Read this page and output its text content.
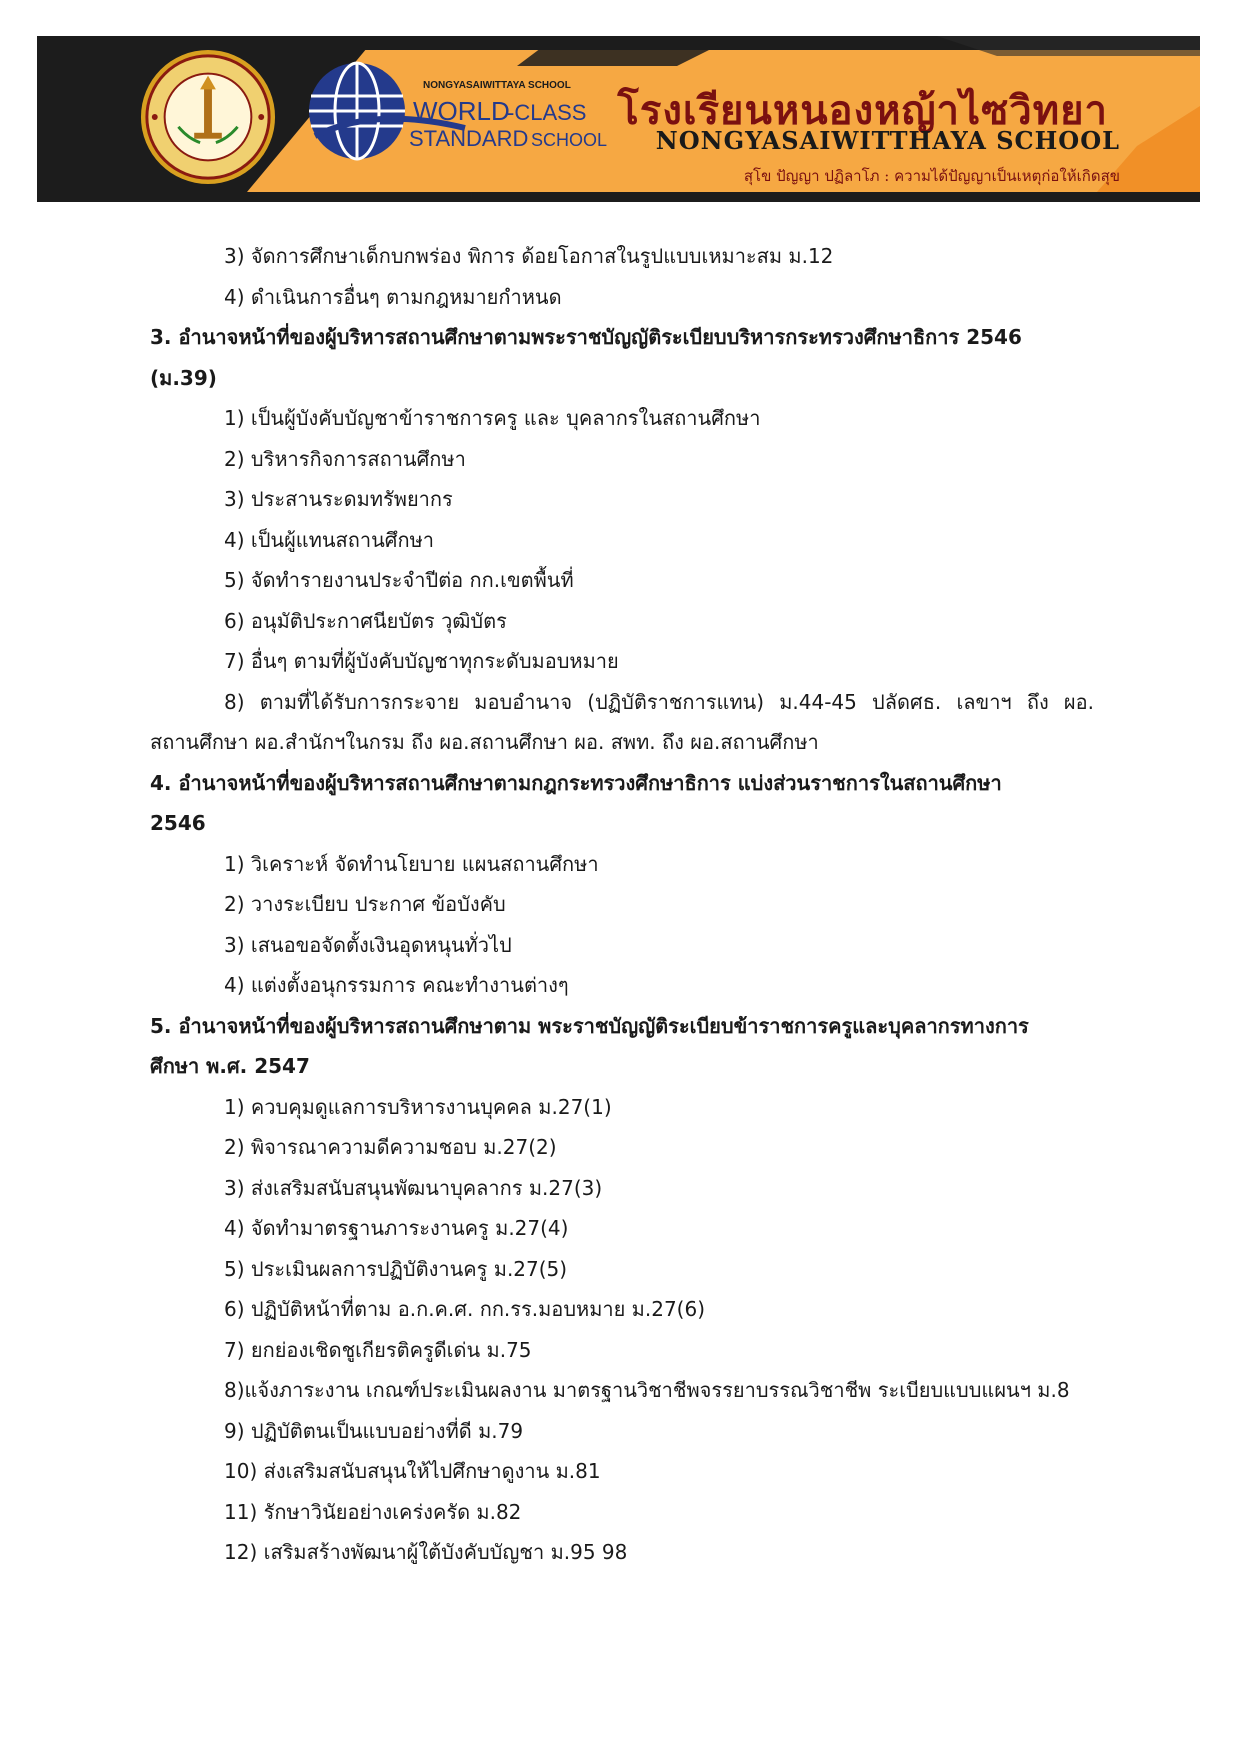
NONGYASAIWITTAYA SCHOOL
WORLD
-CLASS
STANDARD SCHOOL
โรงเรียนหนองหญ้าไซวิทยา
NONGYASAIWITTHAYA SCHOOL
สุโข ปัญญา ปฏิลาโภ : ความได้ปัญญาเป็นเหตุก่อให้เกิดสุข
3) จัดการศึกษาเด็กบกพร่อง พิการ ด้อยโอกาสในรูปแบบเหมาะสม ม.12
4) ดำเนินการอื่นๆ ตามกฎหมายกำหนด
3. อำนาจหน้าที่ของผู้บริหารสถานศึกษาตามพระราชบัญญัติระเบียบบริหารกระทรวงศึกษาธิการ 2546
(ม.39)
1) เป็นผู้บังคับบัญชาข้าราชการครู และ บุคลากรในสถานศึกษา
2) บริหารกิจการสถานศึกษา
3) ประสานระดมทรัพยากร
4) เป็นผู้แทนสถานศึกษา
5) จัดทำรายงานประจำปีต่อ กก.เขตพื้นที่
6) อนุมัติประกาศนียบัตร วุฒิบัตร
7) อื่นๆ ตามที่ผู้บังคับบัญชาทุกระดับมอบหมาย
8) ตามที่ได้รับการกระจาย มอบอำนาจ (ปฏิบัติราชการแทน) ม.44-45 ปลัดศธ. เลขาฯ ถึง ผอ.
สถานศึกษา ผอ.สำนักฯในกรม ถึง ผอ.สถานศึกษา ผอ. สพท. ถึง ผอ.สถานศึกษา
4. อำนาจหน้าที่ของผู้บริหารสถานศึกษาตามกฎกระทรวงศึกษาธิการ แบ่งส่วนราชการในสถานศึกษา
2546
1) วิเคราะห์ จัดทำนโยบาย แผนสถานศึกษา
2) วางระเบียบ ประกาศ ข้อบังคับ
3) เสนอขอจัดตั้งเงินอุดหนุนทั่วไป
4) แต่งตั้งอนุกรรมการ คณะทำงานต่างๆ
5. อำนาจหน้าที่ของผู้บริหารสถานศึกษาตาม พระราชบัญญัติระเบียบข้าราชการครูและบุคลากรทางการ
ศึกษา พ.ศ. 2547
1) ควบคุมดูแลการบริหารงานบุคคล ม.27(1)
2) พิจารณาความดีความชอบ ม.27(2)
3) ส่งเสริมสนับสนุนพัฒนาบุคลากร ม.27(3)
4) จัดทำมาตรฐานภาระงานครู ม.27(4)
5) ประเมินผลการปฏิบัติงานครู ม.27(5)
6) ปฏิบัติหน้าที่ตาม อ.ก.ค.ศ. กก.รร.มอบหมาย ม.27(6)
7) ยกย่องเชิดชูเกียรติครูดีเด่น ม.75
8)แจ้งภาระงาน เกณฑ์ประเมินผลงาน มาตรฐานวิชาชีพจรรยาบรรณวิชาชีพ ระเบียบแบบแผนฯ ม.8
9) ปฏิบัติตนเป็นแบบอย่างที่ดี ม.79
10) ส่งเสริมสนับสนุนให้ไปศึกษาดูงาน ม.81
11) รักษาวินัยอย่างเคร่งครัด ม.82
12) เสริมสร้างพัฒนาผู้ใต้บังคับบัญชา ม.95 98
